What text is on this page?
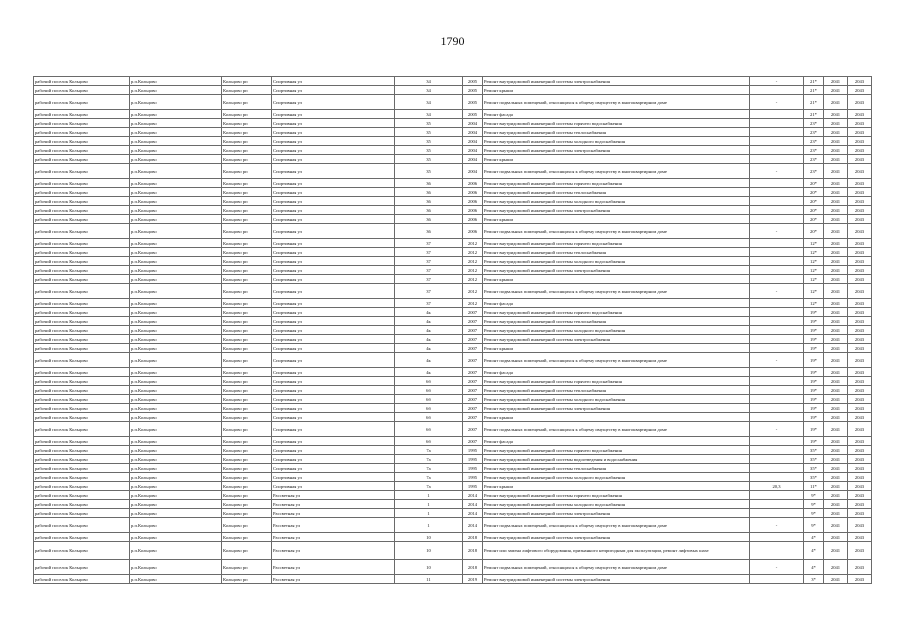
1790
рабочий поселок Кольцово	р.п.Кольцово	Кольцово рп	Спортивная ул	34	2005	Ремонт внутридомовой инженерной системы электроснабжения	-	21*	2041	2043
рабочий поселок Кольцово	р.п.Кольцово	Кольцово рп	Спортивная ул	34	2005	Ремонт крыши		21*	2041	2043
рабочий поселок Кольцово	р.п.Кольцово	Кольцово рп	Спортивная ул	34	2005	Ремонт подвальных помещений, относящихся к общему имуществу в многоквартирном доме	-	21*	2041	2043
рабочий поселок Кольцово	р.п.Кольцово	Кольцово рп	Спортивная ул	34	2005	Ремонт фасада		21*	2041	2043
рабочий поселок Кольцово	р.п.Кольцово	Кольцово рп	Спортивная ул	35	2004	Ремонт внутридомовой инженерной системы горячего водоснабжения		23*	2041	2043
рабочий поселок Кольцово	р.п.Кольцово	Кольцово рп	Спортивная ул	35	2004	Ремонт внутридомовой инженерной системы теплоснабжения		23*	2041	2043
рабочий поселок Кольцово	р.п.Кольцово	Кольцово рп	Спортивная ул	35	2004	Ремонт внутридомовой инженерной системы холодного водоснабжения		23*	2041	2043
рабочий поселок Кольцово	р.п.Кольцово	Кольцово рп	Спортивная ул	35	2004	Ремонт внутридомовой инженерной системы электроснабжения		23*	2041	2043
рабочий поселок Кольцово	р.п.Кольцово	Кольцово рп	Спортивная ул	35	2004	Ремонт крыши		23*	2041	2043
рабочий поселок Кольцово	р.п.Кольцово	Кольцово рп	Спортивная ул	35	2004	Ремонт подвальных помещений, относящихся к общему имуществу в многоквартирном доме	-	23*	2041	2043
рабочий поселок Кольцово	р.п.Кольцово	Кольцово рп	Спортивная ул	36	2006	Ремонт внутридомовой инженерной системы горячего водоснабжения		20*	2041	2043
рабочий поселок Кольцово	р.п.Кольцово	Кольцово рп	Спортивная ул	36	2006	Ремонт внутридомовой инженерной системы теплоснабжения		20*	2041	2043
рабочий поселок Кольцово	р.п.Кольцово	Кольцово рп	Спортивная ул	36	2006	Ремонт внутридомовой инженерной системы холодного водоснабжения		20*	2041	2043
рабочий поселок Кольцово	р.п.Кольцово	Кольцово рп	Спортивная ул	36	2006	Ремонт внутридомовой инженерной системы электроснабжения		20*	2041	2043
рабочий поселок Кольцово	р.п.Кольцово	Кольцово рп	Спортивная ул	36	2006	Ремонт крыши		20*	2041	2043
рабочий поселок Кольцово	р.п.Кольцово	Кольцово рп	Спортивная ул	36	2006	Ремонт подвальных помещений, относящихся к общему имуществу в многоквартирном доме	-	20*	2041	2043
рабочий поселок Кольцово	р.п.Кольцово	Кольцово рп	Спортивная ул	37	2012	Ремонт внутридомовой инженерной системы горячего водоснабжения		12*	2041	2043
рабочий поселок Кольцово	р.п.Кольцово	Кольцово рп	Спортивная ул	37	2012	Ремонт внутридомовой инженерной системы теплоснабжения		12*	2041	2043
рабочий поселок Кольцово	р.п.Кольцово	Кольцово рп	Спортивная ул	37	2012	Ремонт внутридомовой инженерной системы холодного водоснабжения		12*	2041	2043
рабочий поселок Кольцово	р.п.Кольцово	Кольцово рп	Спортивная ул	37	2012	Ремонт внутридомовой инженерной системы электроснабжения		12*	2041	2043
рабочий поселок Кольцово	р.п.Кольцово	Кольцово рп	Спортивная ул	37	2012	Ремонт крыши		12*	2041	2043
рабочий поселок Кольцово	р.п.Кольцово	Кольцово рп	Спортивная ул	37	2012	Ремонт подвальных помещений, относящихся к общему имуществу в многоквартирном доме	-	12*	2041	2043
рабочий поселок Кольцово	р.п.Кольцово	Кольцово рп	Спортивная ул	37	2012	Ремонт фасада		12*	2041	2043
рабочий поселок Кольцово	р.п.Кольцово	Кольцово рп	Спортивная ул	4к	2007	Ремонт внутридомовой инженерной системы горячего водоснабжения		19*	2041	2043
рабочий поселок Кольцово	р.п.Кольцово	Кольцово рп	Спортивная ул	4к	2007	Ремонт внутридомовой инженерной системы теплоснабжения		19*	2041	2043
рабочий поселок Кольцово	р.п.Кольцово	Кольцово рп	Спортивная ул	4к	2007	Ремонт внутридомовой инженерной системы холодного водоснабжения		19*	2041	2043
рабочий поселок Кольцово	р.п.Кольцово	Кольцово рп	Спортивная ул	4к	2007	Ремонт внутридомовой инженерной системы электроснабжения		19*	2041	2043
рабочий поселок Кольцово	р.п.Кольцово	Кольцово рп	Спортивная ул	4к	2007	Ремонт крыши		19*	2041	2043
рабочий поселок Кольцово	р.п.Кольцово	Кольцово рп	Спортивная ул	4к	2007	Ремонт подвальных помещений, относящихся к общему имуществу в многоквартирном доме	-	19*	2041	2043
рабочий поселок Кольцово	р.п.Кольцово	Кольцово рп	Спортивная ул	4к	2007	Ремонт фасада		19*	2041	2043
рабочий поселок Кольцово	р.п.Кольцово	Кольцово рп	Спортивная ул	6б	2007	Ремонт внутридомовой инженерной системы горячего водоснабжения		19*	2041	2043
рабочий поселок Кольцово	р.п.Кольцово	Кольцово рп	Спортивная ул	6б	2007	Ремонт внутридомовой инженерной системы теплоснабжения		19*	2041	2043
рабочий поселок Кольцово	р.п.Кольцово	Кольцово рп	Спортивная ул	6б	2007	Ремонт внутридомовой инженерной системы холодного водоснабжения		19*	2041	2043
рабочий поселок Кольцово	р.п.Кольцово	Кольцово рп	Спортивная ул	6б	2007	Ремонт внутридомовой инженерной системы электроснабжения		19*	2041	2043
рабочий поселок Кольцово	р.п.Кольцово	Кольцово рп	Спортивная ул	6б	2007	Ремонт крыши		19*	2041	2043
рабочий поселок Кольцово	р.п.Кольцово	Кольцово рп	Спортивная ул	6б	2007	Ремонт подвальных помещений, относящихся к общему имуществу в многоквартирном доме	-	19*	2041	2043
рабочий поселок Кольцово	р.п.Кольцово	Кольцово рп	Спортивная ул	6б	2007	Ремонт фасада		19*	2041	2043
рабочий поселок Кольцово	р.п.Кольцово	Кольцово рп	Спортивная ул	7а	1995	Ремонт внутридомовой инженерной системы горячего водоснабжения		35*	2041	2043
рабочий поселок Кольцово	р.п.Кольцово	Кольцово рп	Спортивная ул	7а	1995	Ремонт внутридомовой инженерной системы водоотведения и водоснабжения		35*	2041	2043
рабочий поселок Кольцово	р.п.Кольцово	Кольцово рп	Спортивная ул	7а	1995	Ремонт внутридомовой инженерной системы теплоснабжения		35*	2041	2043
рабочий поселок Кольцово	р.п.Кольцово	Кольцово рп	Спортивная ул	7а	1995	Ремонт внутридомовой инженерной системы холодного водоснабжения		35*	2041	2043
рабочий поселок Кольцово	р.п.Кольцово	Кольцово рп	Спортивная ул	7а	1995	Ремонт крыши	20,3	11*	2041	2043
рабочий поселок Кольцово	р.п.Кольцово	Кольцово рп	Рассветная ул	1	2014	Ремонт внутридомовой инженерной системы горячего водоснабжения		9*	2041	2043
рабочий поселок Кольцово	р.п.Кольцово	Кольцово рп	Рассветная ул	1	2014	Ремонт внутридомовой инженерной системы холодного водоснабжения		9*	2041	2043
рабочий поселок Кольцово	р.п.Кольцово	Кольцово рп	Рассветная ул	1	2014	Ремонт внутридомовой инженерной системы электроснабжения		9*	2041	2043
рабочий поселок Кольцово	р.п.Кольцово	Кольцово рп	Рассветная ул	1	2014	Ремонт подвальных помещений, относящихся к общему имуществу в многоквартирном доме	-	9*	2041	2043
рабочий поселок Кольцово	р.п.Кольцово	Кольцово рп	Рассветная ул	10	2018	Ремонт внутридомовой инженерной системы электроснабжения		4*	2041	2043
рабочий поселок Кольцово	р.п.Кольцово	Кольцово рп	Рассветная ул	10	2018	Ремонт или замена лифтового оборудования, признанного непригодным для эксплуатации, ремонт лифтовых шахт		4*	2041	2043
рабочий поселок Кольцово	р.п.Кольцово	Кольцово рп	Рассветная ул	10	2018	Ремонт подвальных помещений, относящихся к общему имуществу в многоквартирном доме	-	4*	2041	2043
рабочий поселок Кольцово	р.п.Кольцово	Кольцово рп	Рассветная ул	11	2019	Ремонт внутридомовой инженерной системы электроснабжения		3*	2041	2043
